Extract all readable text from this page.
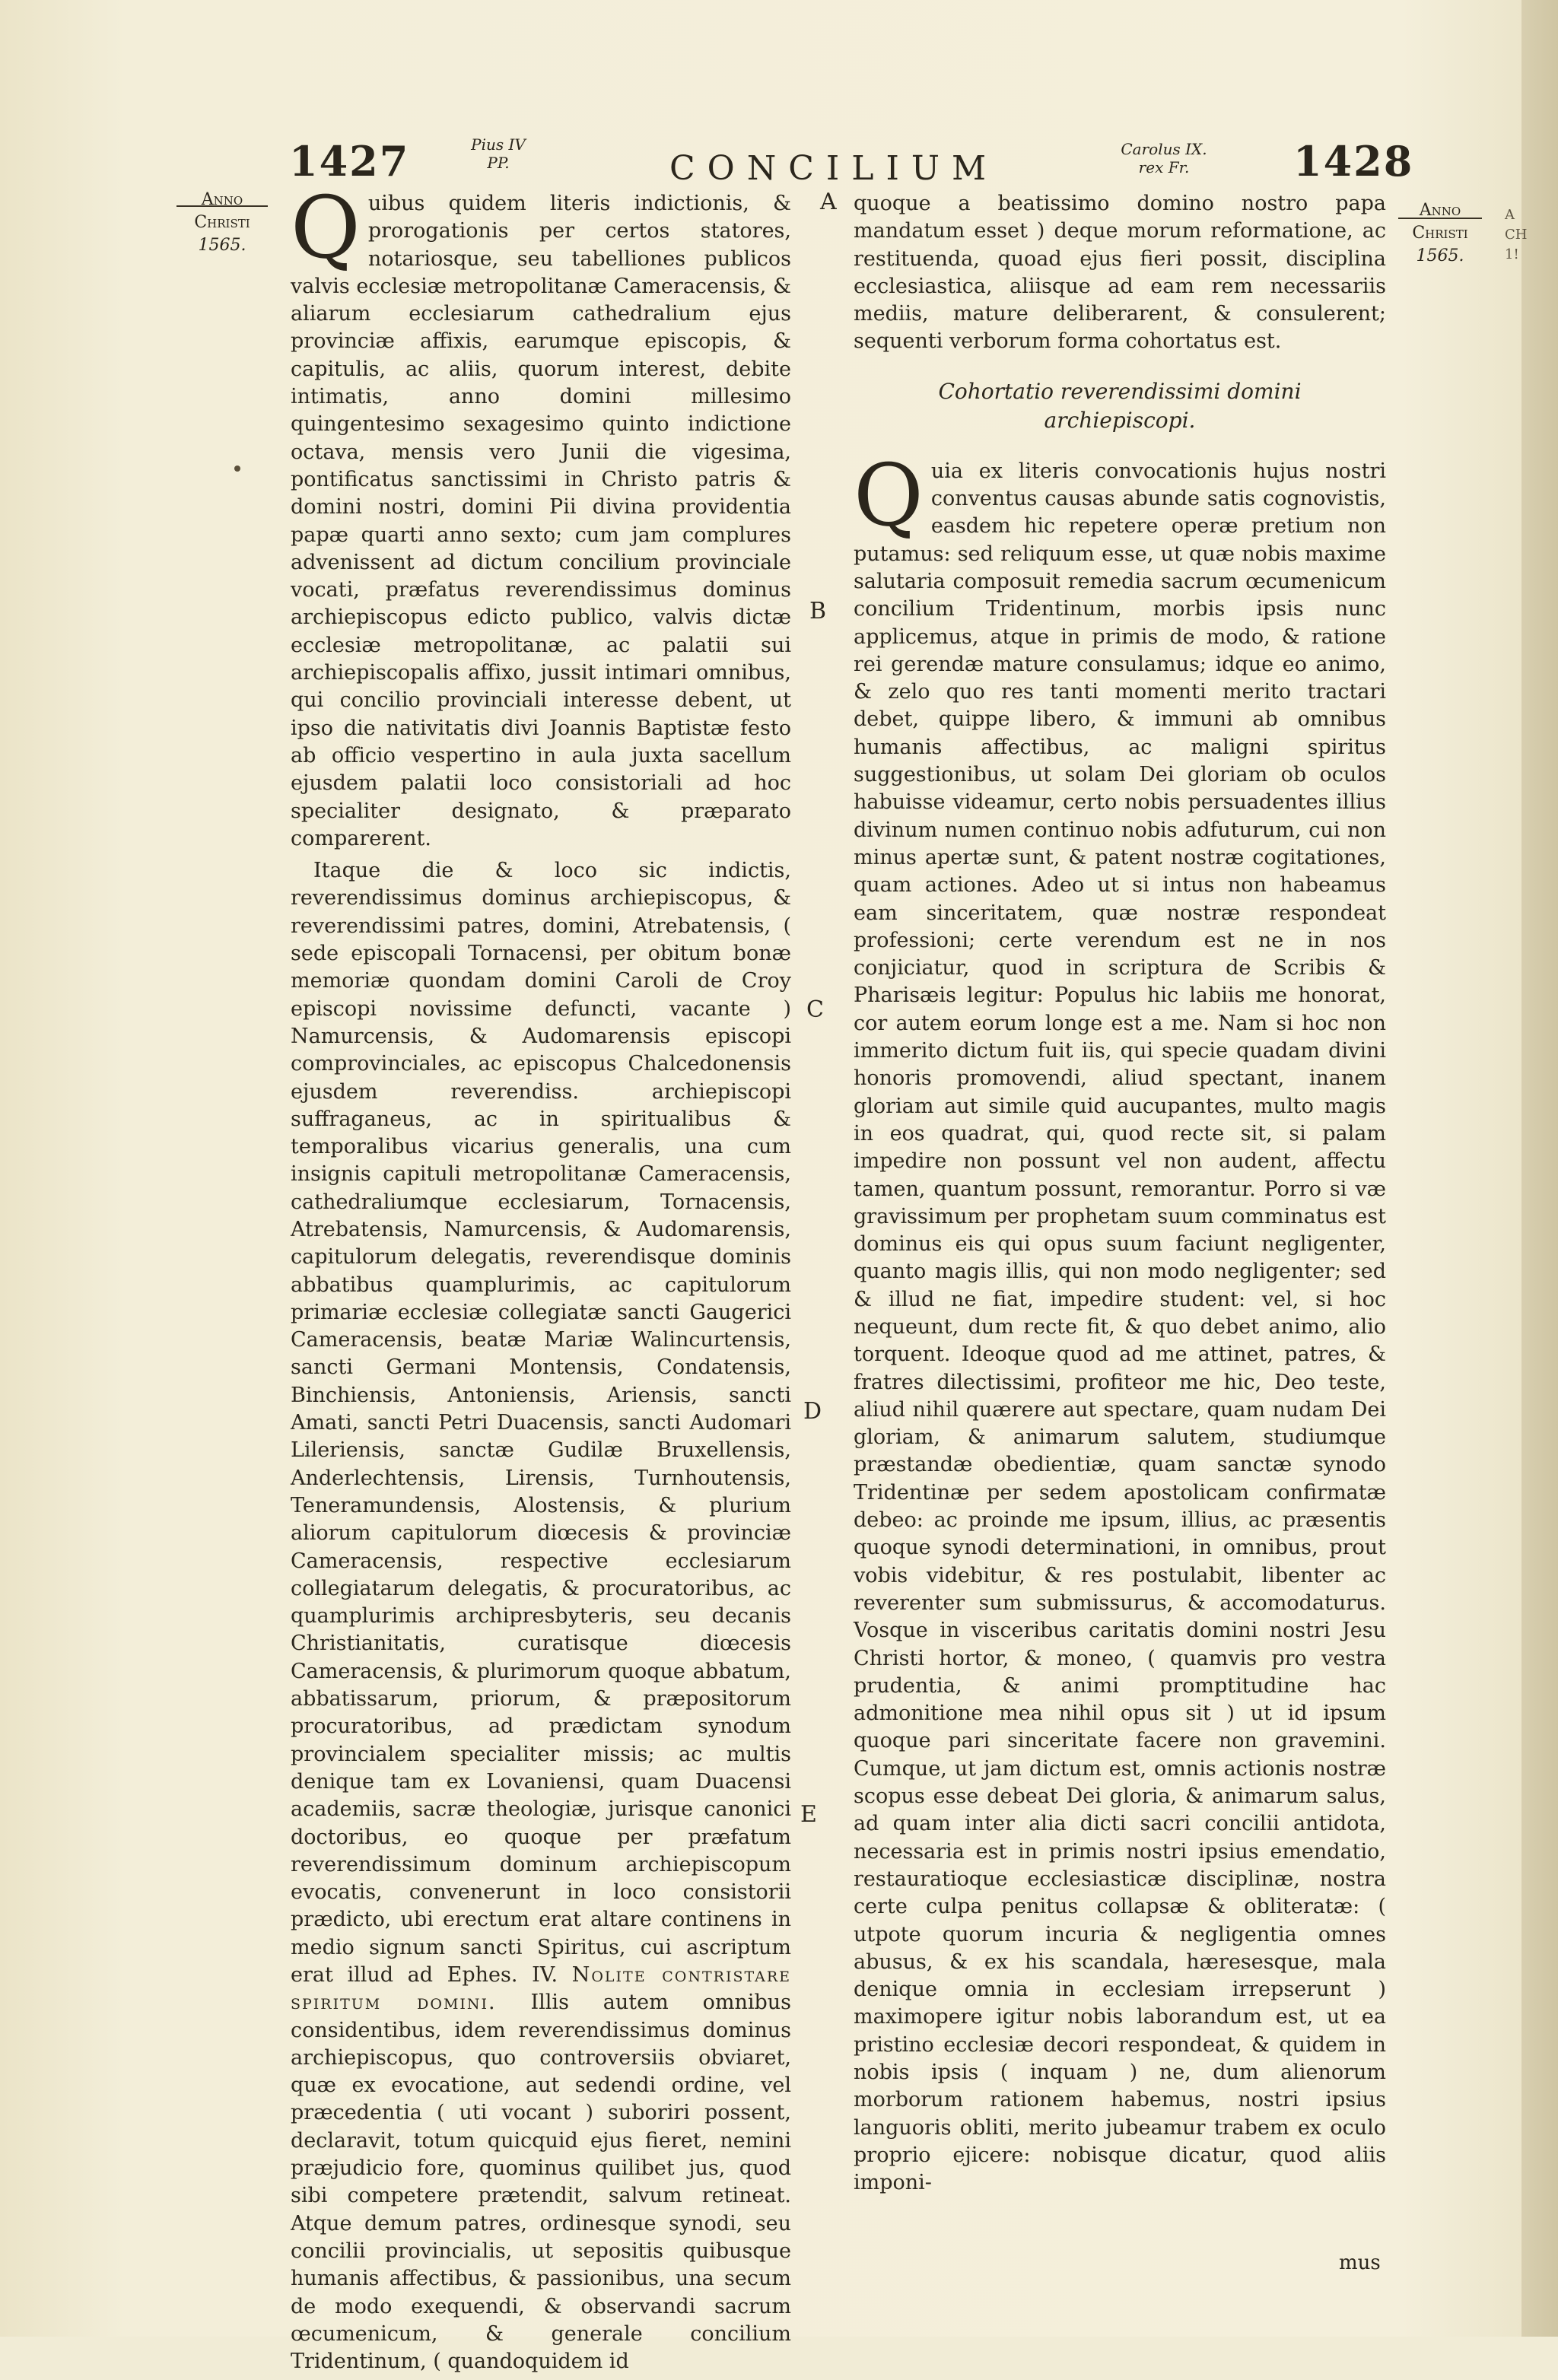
1427	1428
CONCILIUM
Pius IV
PP.
Carolus IX.
rex Fr.
Anno
Christi
1565.
Anno
Christi
1565.
A
CH
1!
A
B
C
D
E

Q uibus quidem literis indictionis, & prorogationis per certos statores, notariosque, seu tabelliones publicos valvis ecclesiæ metropolitanæ Cameracensis, & aliarum ecclesiarum cathedralium ejus provinciæ affixis, earumque episcopis, & capitulis, ac aliis, quorum interest, debite intimatis, anno domini millesimo quingentesimo sexagesimo quinto indictione octava, mensis vero Junii die vigesima, pontificatus sanctissimi in Christo patris & domini nostri, domini Pii divina providentia papæ quarti anno sexto; cum jam complures advenissent ad dictum concilium provinciale vocati, præfatus reverendissimus dominus archiepiscopus edicto publico, valvis dictæ ecclesiæ metropolitanæ, ac palatii sui archiepiscopalis affixo, jussit intimari omnibus, qui concilio provinciali interesse debent, ut ipso die nativitatis divi Joannis Baptistæ festo ab officio vespertino in aula juxta sacellum ejusdem palatii loco consistoriali ad hoc specialiter designato, & præparato comparerent.

Itaque die & loco sic indictis, reverendissimus dominus archiepiscopus, & reverendissimi patres, domini, Atrebatensis, ( sede episcopali Tornacensi, per obitum bonæ memoriæ quondam domini Caroli de Croy episcopi novissime defuncti, vacante ) Namurcensis, & Audomarensis episcopi comprovinciales, ac episcopus Chalcedonensis ejusdem reverendiss. archiepiscopi suffraganeus, ac in spiritualibus & temporalibus vicarius generalis, una cum insignis capituli metropolitanæ Cameracensis, cathedraliumque ecclesiarum, Tornacensis, Atrebatensis, Namurcensis, & Audomarensis, capitulorum delegatis, reverendisque dominis abbatibus quamplurimis, ac capitulorum primariæ ecclesiæ collegiatæ sancti Gaugerici Cameracensis, beatæ Mariæ Walincurtensis, sancti Germani Montensis, Condatensis, Binchiensis, Antoniensis, Ariensis, sancti Amati, sancti Petri Duacensis, sancti Audomari Lileriensis, sanctæ Gudilæ Bruxellensis, Anderlechtensis, Lirensis, Turnhoutensis, Teneramundensis, Alostensis, & plurium aliorum capitulorum diœcesis & provinciæ Cameracensis, respective ecclesiarum collegiatarum delegatis, & procuratoribus, ac quamplurimis archipresbyteris, seu decanis Christianitatis, curatisque diœcesis Cameracensis, & plurimorum quoque abbatum, abbatissarum, priorum, & præpositorum procuratoribus, ad prædictam synodum provincialem specialiter missis; ac multis denique tam ex Lovaniensi, quam Duacensi academiis, sacræ theologiæ, jurisque canonici doctoribus, eo quoque per præfatum reverendissimum dominum archiepiscopum evocatis, convenerunt in loco consistorii prædicto, ubi erectum erat altare continens in medio signum sancti Spiritus, cui ascriptum erat illud ad Ephes. IV. Nolite contristare spiritum domini. Illis autem omnibus considentibus, idem reverendissimus dominus archiepiscopus, quo controversiis obviaret, quæ ex evocatione, aut sedendi ordine, vel præcedentia ( uti vocant ) suboriri possent, declaravit, totum quicquid ejus fieret, nemini præjudicio fore, quominus quilibet jus, quod sibi competere prætendit, salvum retineat. Atque demum patres, ordinesque synodi, seu concilii provincialis, ut sepositis quibusque humanis affectibus, & passionibus, una secum de modo exequendi, & observandi sacrum œcumenicum, & generale concilium Tridentinum, ( quandoquidem id

quoque a beatissimo domino nostro papa mandatum esset ) deque morum reformatione, ac restituenda, quoad ejus fieri possit, disciplina ecclesiastica, aliisque ad eam rem necessariis mediis, mature deliberarent, & consulerent; sequenti verborum forma cohortatus est.

Cohortatio reverendissimi domini
archiepiscopi.

Q uia ex literis convocationis hujus nostri conventus causas abunde satis cognovistis, easdem hic repetere operæ pretium non putamus: sed reliquum esse, ut quæ nobis maxime salutaria composuit remedia sacrum œcumenicum concilium Tridentinum, morbis ipsis nunc applicemus, atque in primis de modo, & ratione rei gerendæ mature consulamus; idque eo animo, & zelo quo res tanti momenti merito tractari debet, quippe libero, & immuni ab omnibus humanis affectibus, ac maligni spiritus suggestionibus, ut solam Dei gloriam ob oculos habuisse videamur, certo nobis persuadentes illius divinum numen continuo nobis adfuturum, cui non minus apertæ sunt, & patent nostræ cogitationes, quam actiones. Adeo ut si intus non habeamus eam sinceritatem, quæ nostræ respondeat professioni; certe verendum est ne in nos conjiciatur, quod in scriptura de Scribis & Pharisæis legitur: Populus hic labiis me honorat, cor autem eorum longe est a me. Nam si hoc non immerito dictum fuit iis, qui specie quadam divini honoris promovendi, aliud spectant, inanem gloriam aut simile quid aucupantes, multo magis in eos quadrat, qui, quod recte sit, si palam impedire non possunt vel non audent, affectu tamen, quantum possunt, remorantur. Porro si væ gravissimum per prophetam suum comminatus est dominus eis qui opus suum faciunt negligenter, quanto magis illis, qui non modo negligenter; sed & illud ne fiat, impedire student: vel, si hoc nequeunt, dum recte fit, & quo debet animo, alio torquent. Ideoque quod ad me attinet, patres, & fratres dilectissimi, profiteor me hic, Deo teste, aliud nihil quærere aut spectare, quam nudam Dei gloriam, & animarum salutem, studiumque præstandæ obedientiæ, quam sanctæ synodo Tridentinæ per sedem apostolicam confirmatæ debeo: ac proinde me ipsum, illius, ac præsentis quoque synodi determinationi, in omnibus, prout vobis videbitur, & res postulabit, libenter ac reverenter sum submissurus, & accomodaturus. Vosque in visceribus caritatis domini nostri Jesu Christi hortor, & moneo, ( quamvis pro vestra prudentia, & animi promptitudine hac admonitione mea nihil opus sit ) ut id ipsum quoque pari sinceritate facere non gravemini. Cumque, ut jam dictum est, omnis actionis nostræ scopus esse debeat Dei gloria, & animarum salus, ad quam inter alia dicti sacri concilii antidota, necessaria est in primis nostri ipsius emendatio, restauratioque ecclesiasticæ disciplinæ, nostra certe culpa penitus collapsæ & obliteratæ: ( utpote quorum incuria & negligentia omnes abusus, & ex his scandala, hæresesque, mala denique omnia in ecclesiam irrepserunt ) maximopere igitur nobis laborandum est, ut ea pristino ecclesiæ decori respondeat, & quidem in nobis ipsis ( inquam ) ne, dum alienorum morborum rationem habemus, nostri ipsius languoris obliti, merito jubeamur trabem ex oculo proprio ejicere: nobisque dicatur, quod aliis imponi-

mus
